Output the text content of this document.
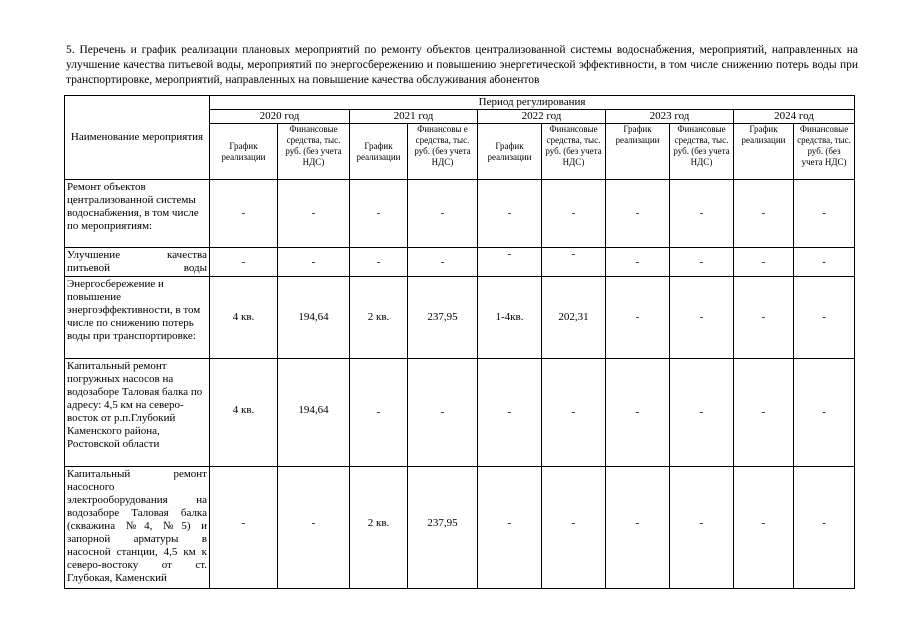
5. Перечень и график реализации плановых мероприятий по ремонту объектов централизованной системы водоснабжения, мероприятий, направленных на улучшение качества питьевой воды, мероприятий по энергосбережению и повышению энергетической эффективности, в том числе снижению потерь воды при транспортировке, мероприятий, направленных на повышение качества обслуживания абонентов
Наименование мероприятия	Период регулирования									
	2020 год		2021 год		2022 год		2023 год		2024 год	
	График реализации	Финансовые средства, тыс. руб. (без учета НДС)	График реализации	Финансовы е средства, тыс. руб. (без учета НДС)	График реализации	Финансовые средства, тыс. руб. (без учета НДС)	График реализации	Финансовые средства, тыс. руб. (без учета НДС)	График реализации	Финансовые средства, тыс. руб. (без учета НДС)
Ремонт объектов централизованной системы водоснабжения, в том числе по мероприятиям:	-	-	-	-	-	-	-	-	-	-
Улучшение качества питьевой воды	-	-	-	-	-	-	-	-	-	-
Энергосбережение и повышение энергоэффективности, в том числе по снижению потерь воды при транспортировке:	4 кв.	194,64	2 кв.	237,95	1-4кв.	202,31	-	-	-	-
Капитальный ремонт погружных насосов на водозаборе Таловая балка по адресу: 4,5 км на северо-восток от р.п.Глубокий Каменского района, Ростовской области	4 кв.	194,64	-	-	-	-	-	-	-	-
Капитальный ремонт насосного электрооборудования на водозаборе Таловая балка (скважина №4, №5) и запорной арматуры в насосной станции, 4,5 км к северо-востоку от ст. Глубокая, Каменский	-	-	2 кв.	237,95	-	-	-	-	-	-
